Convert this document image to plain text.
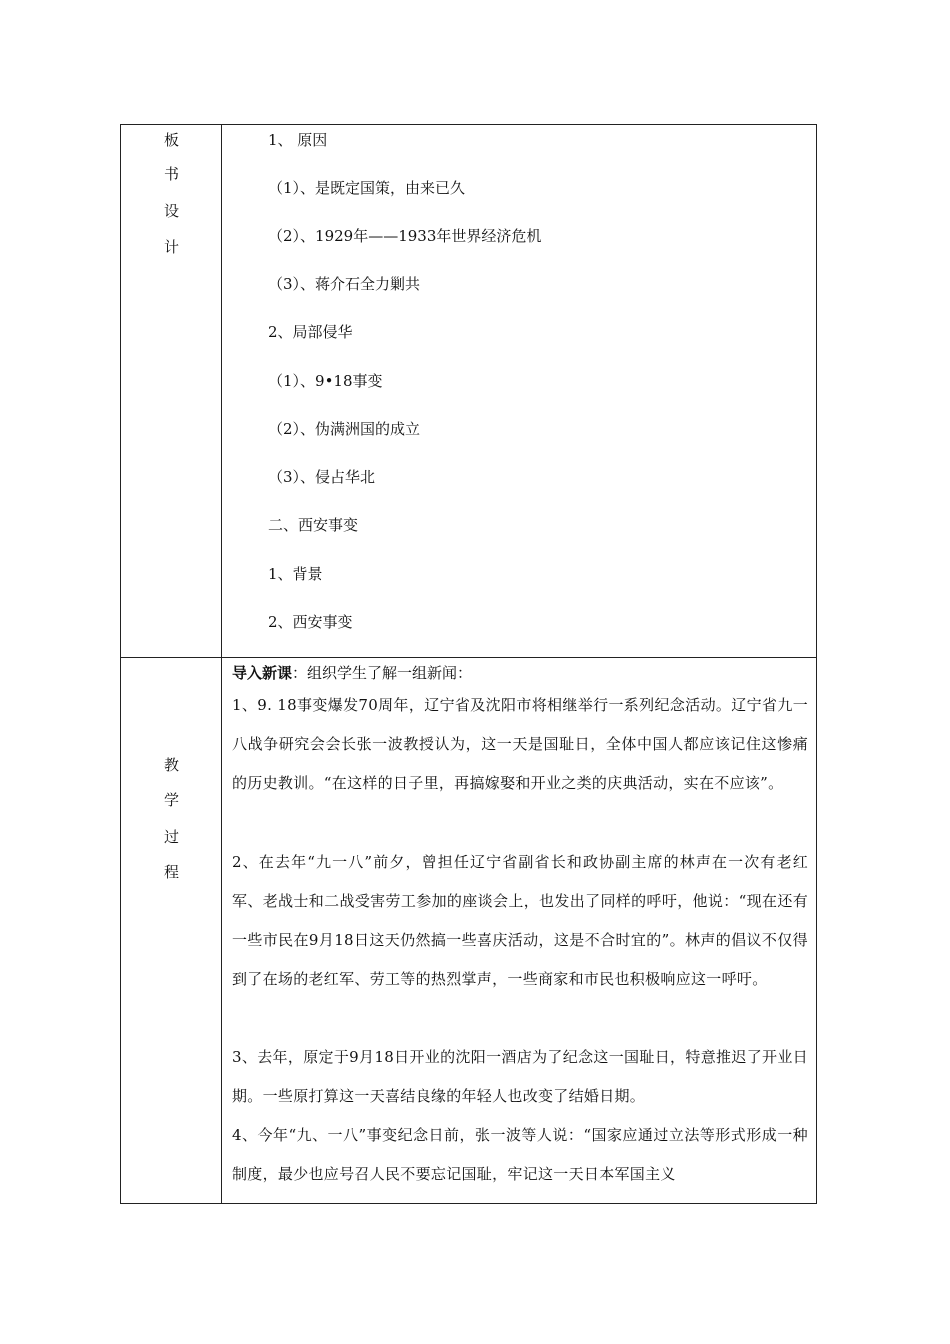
板
书
设
计
1、 原因
（1）、是既定国策，由来已久
（2）、1929年——1933年世界经济危机
（3）、蒋介石全力剿共
2、局部侵华
（1）、9•18事变
（2）、伪满洲国的成立
（3）、侵占华北
二、西安事变
1、背景
2、西安事变
教
学
过
程
导入新课：组织学生了解一组新闻：
1、9. 18事变爆发70周年，辽宁省及沈阳市将相继举行一系列纪念活动。辽宁省九一八战争研究会会长张一波教授认为，这一天是国耻日，全体中国人都应该记住这惨痛的历史教训。“在这样的日子里，再搞嫁娶和开业之类的庆典活动，实在不应该”。
2、在去年“九一八”前夕，曾担任辽宁省副省长和政协副主席的林声在一次有老红军、老战士和二战受害劳工参加的座谈会上，也发出了同样的呼吁，他说：“现在还有一些市民在9月18日这天仍然搞一些喜庆活动，这是不合时宜的”。林声的倡议不仅得到了在场的老红军、劳工等的热烈掌声，一些商家和市民也积极响应这一呼吁。
3、去年，原定于9月18日开业的沈阳一酒店为了纪念这一国耻日，特意推迟了开业日期。一些原打算这一天喜结良缘的年轻人也改变了结婚日期。
4、今年“九、一八”事变纪念日前，张一波等人说：“国家应通过立法等形式形成一种制度，最少也应号召人民不要忘记国耻，牢记这一天日本军国主义
